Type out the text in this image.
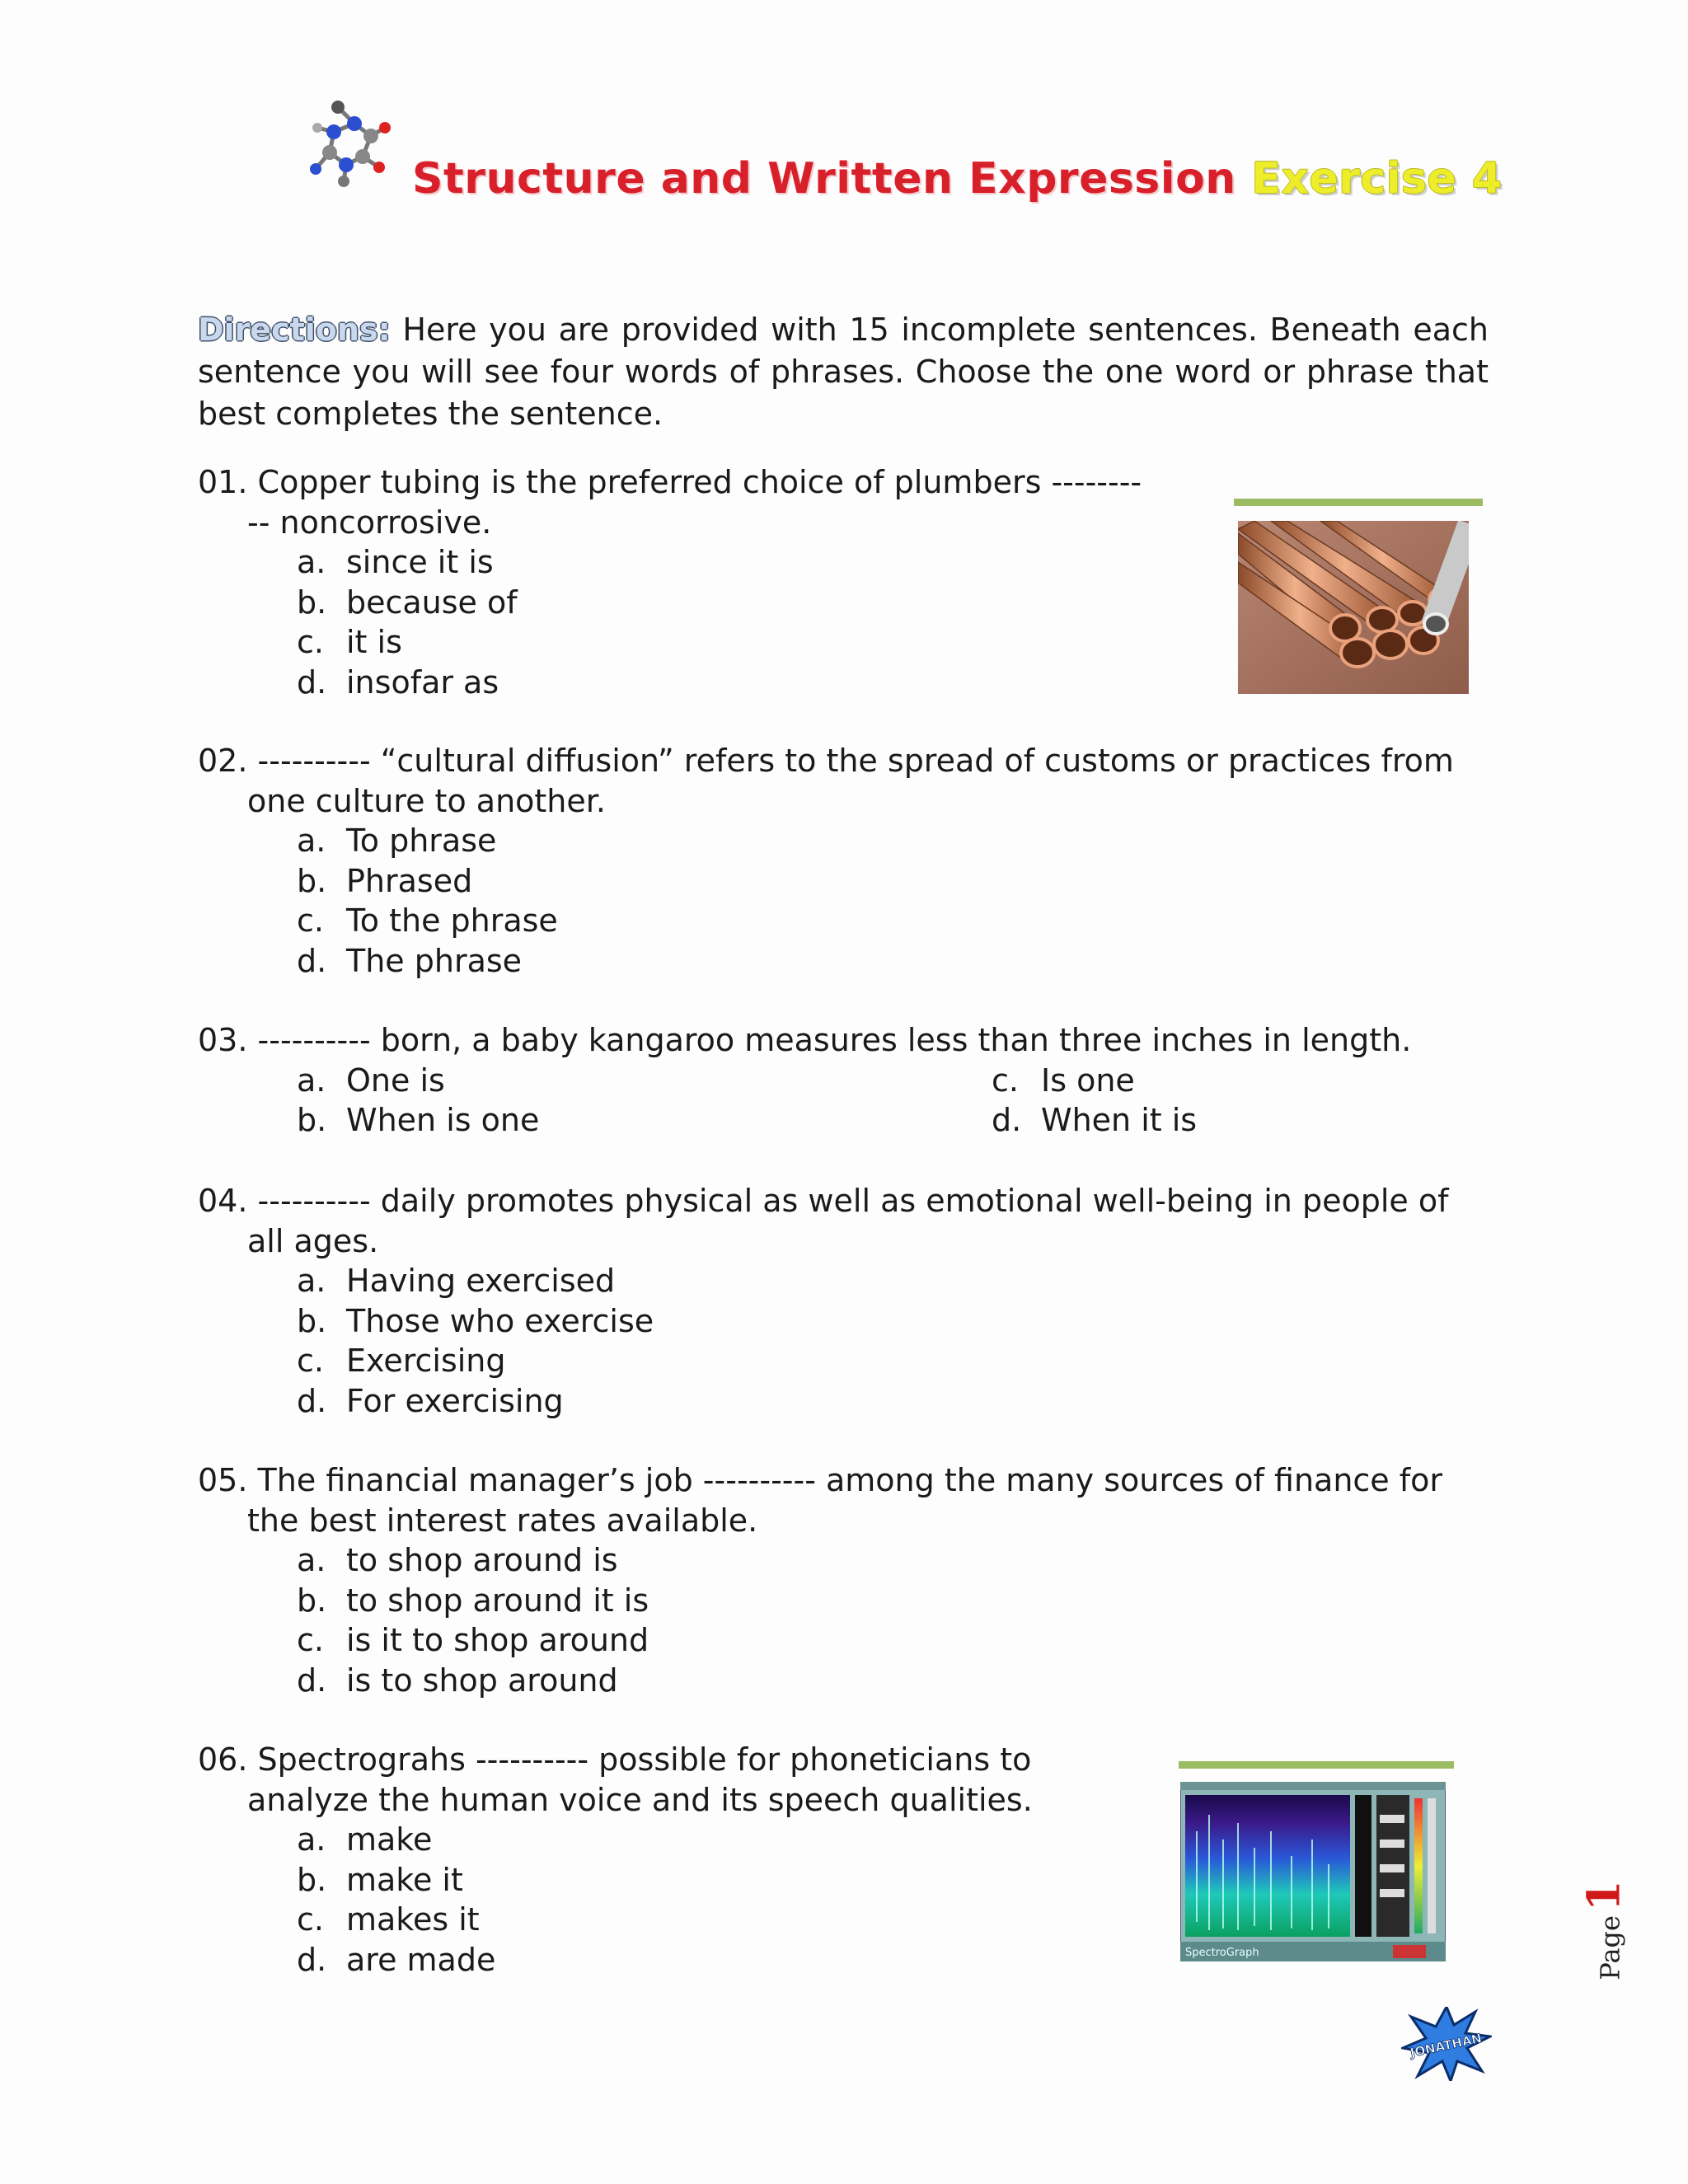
Structure and Written Expression Exercise 4
Directions: Here you are provided with 15 incomplete sentences. Beneath each sentence you will see four words of phrases. Choose the one word or phrase that best completes the sentence.
01. Copper tubing is the preferred choice of plumbers ---------- noncorrosive.
a. since it is
b. because of
c. it is
d. insofar as
02. ---------- “cultural diffusion” refers to the spread of customs or practices from one culture to another.
a. To phrase
b. Phrased
c. To the phrase
d. The phrase
03. ---------- born, a baby kangaroo measures less than three inches in length.
a. One is	c. Is one
b. When is one	d. When it is
04. ---------- daily promotes physical as well as emotional well-being in people of all ages.
a. Having exercised
b. Those who exercise
c. Exercising
d. For exercising
05. The financial manager’s job ---------- among the many sources of finance for the best interest rates available.
a. to shop around is
b. to shop around it is
c. is it to shop around
d. is to shop around
06. Spectrograhs ---------- possible for phoneticians to analyze the human voice and its speech qualities.
a. make
b. make it
c. makes it
d. are made	SpectroGraph	Page 1
JONATHAN
